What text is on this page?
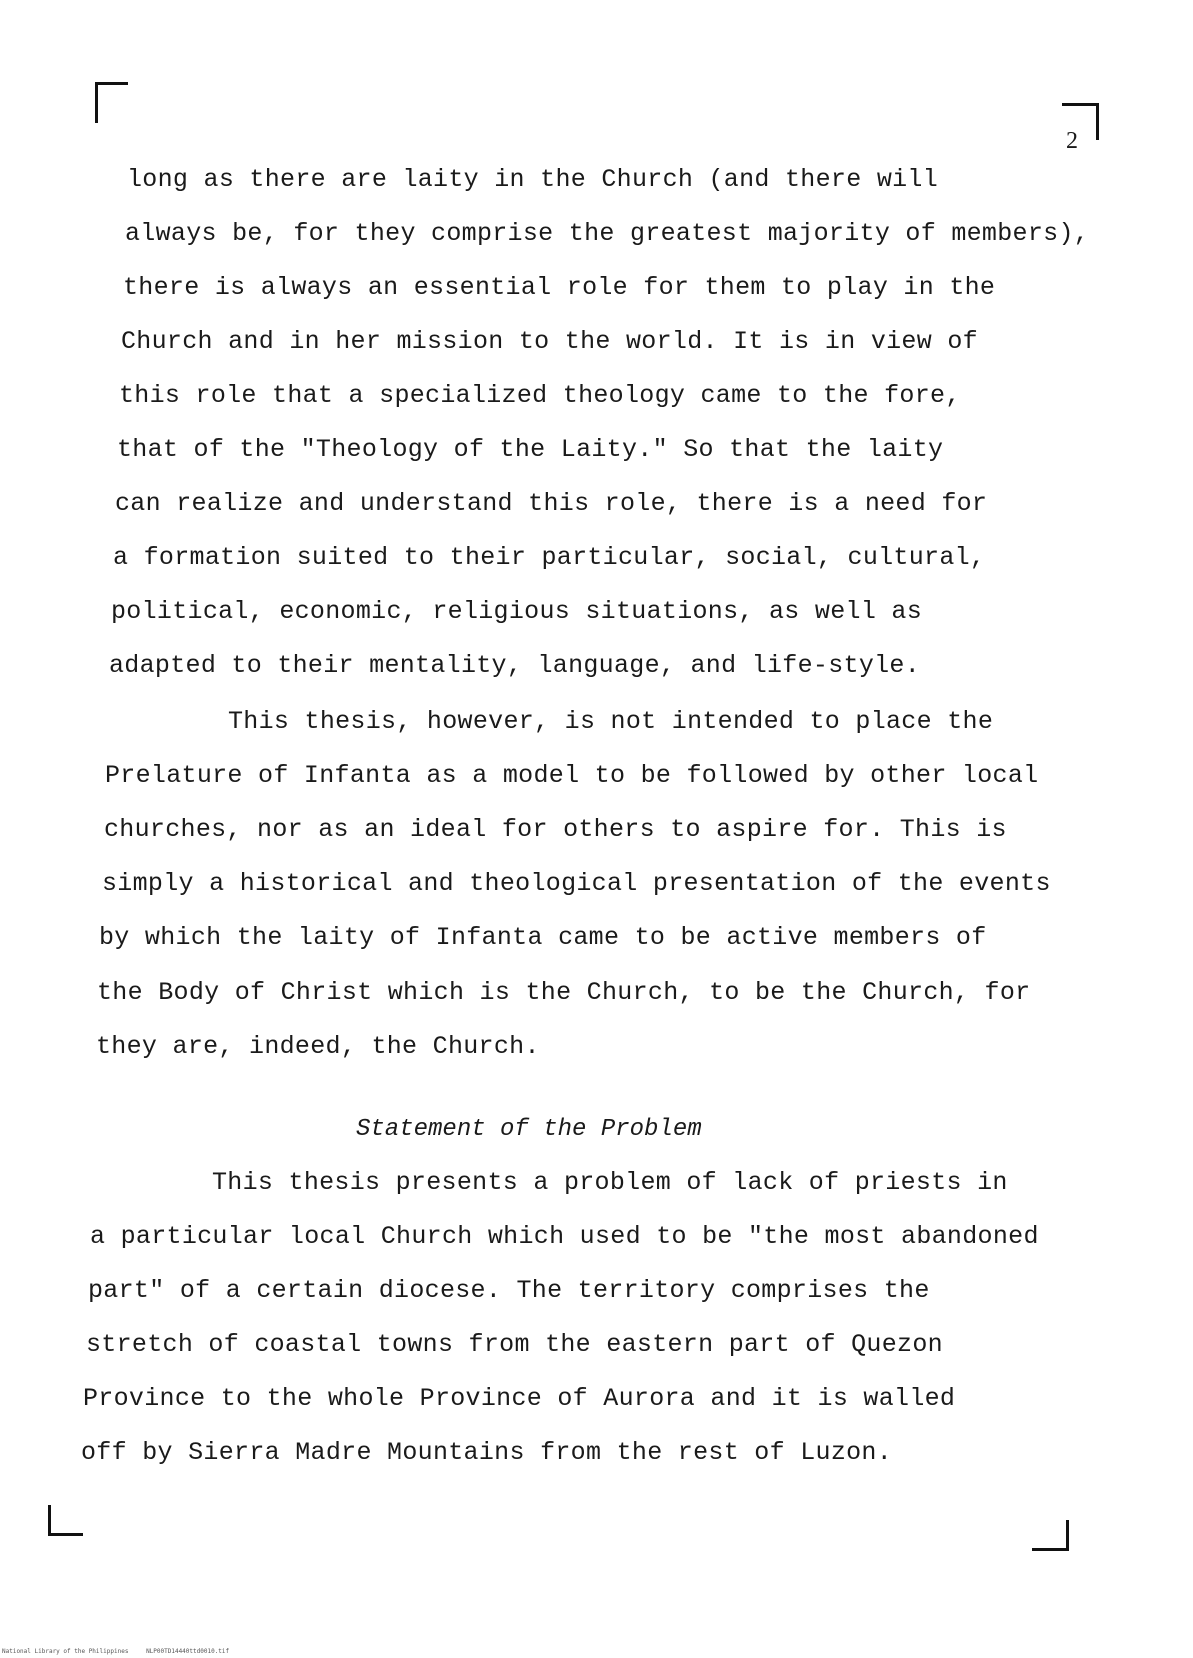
2
long as there are laity in the Church (and there will
always be, for they comprise the greatest majority of members),
there is always an essential role for them to play in the
Church and in her mission to the world. It is in view of
this role that a specialized theology came to the fore,
that of the "Theology of the Laity." So that the laity
can realize and understand this role, there is a need for
a formation suited to their particular, social, cultural,
political, economic, religious situations, as well as
adapted to their mentality, language, and life-style.
This thesis, however, is not intended to place the
Prelature of Infanta as a model to be followed by other local
churches, nor as an ideal for others to aspire for. This is
simply a historical and theological presentation of the events
by which the laity of Infanta came to be active members of
the Body of Christ which is the Church, to be the Church, for
they are, indeed, the Church.
Statement of the Problem
This thesis presents a problem of lack of priests in
a particular local Church which used to be "the most abandoned
part" of a certain diocese. The territory comprises the
stretch of coastal towns from the eastern part of Quezon
Province to the whole Province of Aurora and it is walled
off by Sierra Madre Mountains from the rest of Luzon.
National Library of the Philippines	NLP00TD14440ttd0010.tif
